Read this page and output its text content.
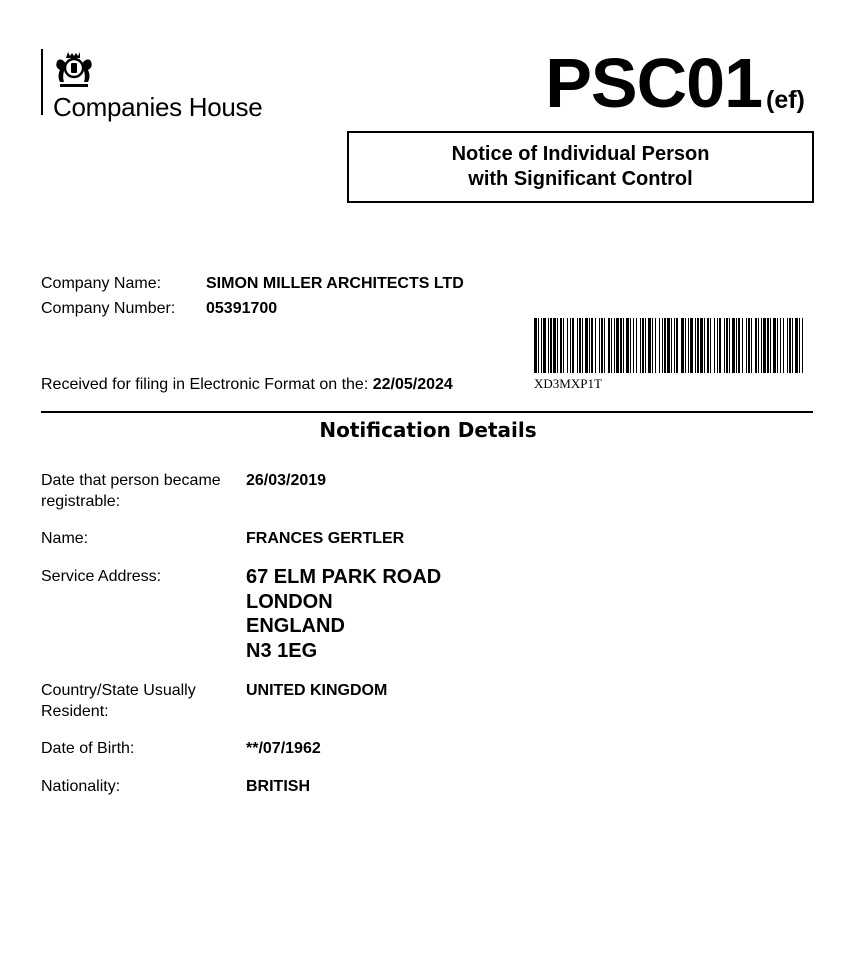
Companies House	PSC01 (ef)
Notice of Individual Person
with Significant Control
Company Name:	SIMON MILLER ARCHITECTS LTD
Company Number: 05391700
XD3MXP1T
Received for filing in Electronic Format on the: 22/05/2024
Notification Details
Date that person became
registrable:
26/03/2019
Name:	FRANCES GERTLER
Service Address:	67 ELM PARK ROAD
LONDON
ENGLAND
N3 1EG
Country/State Usually
Resident:
UNITED KINGDOM
Date of Birth:	**/07/1962
Nationality:	BRITISH
